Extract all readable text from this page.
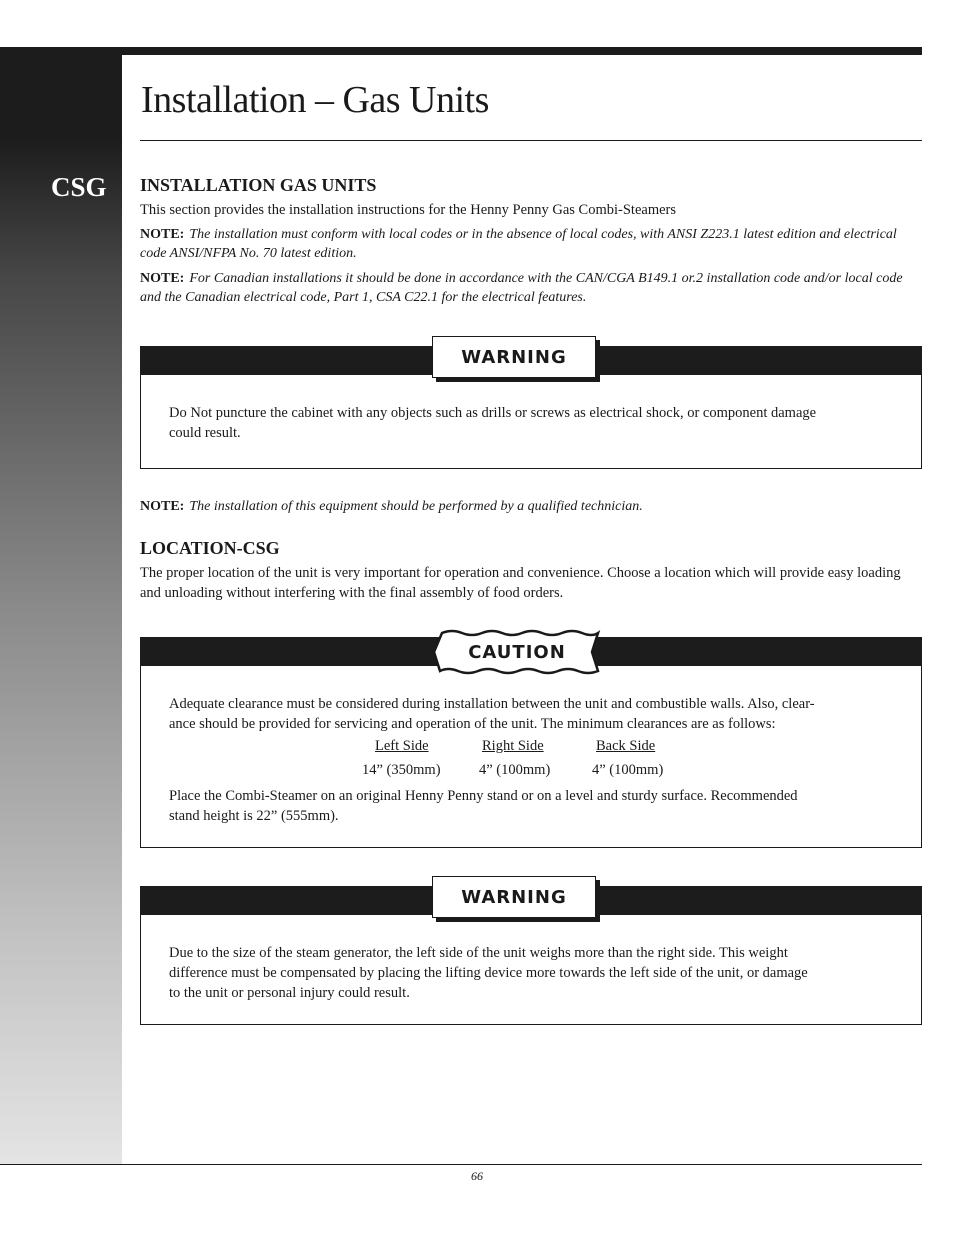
CSG
Installation – Gas Units
INSTALLATION GAS UNITS

This section provides the installation instructions for the Henny Penny Gas Combi-Steamers

NOTE: The installation must conform with local codes or in the absence of local codes, with ANSI Z223.1 latest edition and electrical code ANSI/NFPA No. 70 latest edition.

NOTE: For Canadian installations it should be done in accordance with the CAN/CGA B149.1 or.2 installation code and/or local code and the Canadian electrical code, Part 1, CSA C22.1 for the electrical features.

Do Not puncture the cabinet with any objects such as drills or screws as electrical shock, or component damage
could result.
WARNING

NOTE: The installation of this equipment should be performed by a qualified technician.

LOCATION-CSG

The proper location of the unit is very important for operation and convenience. Choose a location which will provide easy loading and unloading without interfering with the final assembly of food orders.

Adequate clearance must be considered during installation between the unit and combustible walls. Also, clear-
ance should be provided for servicing and operation of the unit. The minimum clearances are as follows:
Left Side	Right Side	Back Side
14” (350mm)	4” (100mm)	4” (100mm)
Place the Combi-Steamer on an original Henny Penny stand or on a level and sturdy surface. Recommended
stand height is 22” (555mm).
CAUTION
Due to the size of the steam generator, the left side of the unit weighs more than the right side. This weight
difference must be compensated by placing the lifting device more towards the left side of the unit, or damage
to the unit or personal injury could result.
WARNING
66
